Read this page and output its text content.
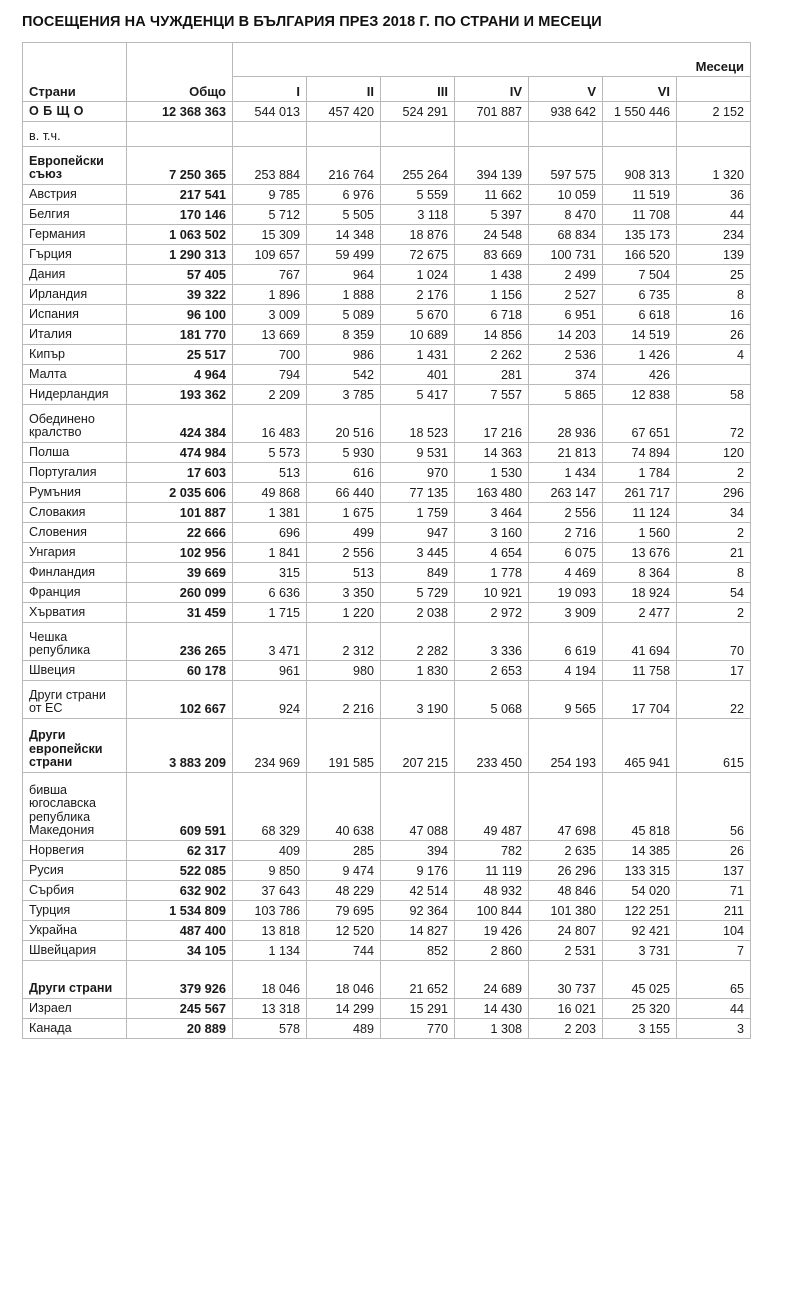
ПОСЕЩЕНИЯ НА ЧУЖДЕНЦИ В БЪЛГАРИЯ ПРЕЗ 2018 Г. ПО СТРАНИ И МЕСЕЦИ
Страни	Общо	Месеци						
		I	II	III	IV	V	VI	
О Б Щ О	12 368 363	544 013	457 420	524 291	701 887	938 642	1 550 446	2 152
в. т.ч.								
Европейски съюз	7 250 365	253 884	216 764	255 264	394 139	597 575	908 313	1 320
Австрия	217 541	9 785	6 976	5 559	11 662	10 059	11 519	36
Белгия	170 146	5 712	5 505	3 118	5 397	8 470	11 708	44
Германия	1 063 502	15 309	14 348	18 876	24 548	68 834	135 173	234
Гърция	1 290 313	109 657	59 499	72 675	83 669	100 731	166 520	139
Дания	57 405	767	964	1 024	1 438	2 499	7 504	25
Ирландия	39 322	1 896	1 888	2 176	1 156	2 527	6 735	8
Испания	96 100	3 009	5 089	5 670	6 718	6 951	6 618	16
Италия	181 770	13 669	8 359	10 689	14 856	14 203	14 519	26
Кипър	25 517	700	986	1 431	2 262	2 536	1 426	4
Малта	4 964	794	542	401	281	374	426	
Нидерландия	193 362	2 209	3 785	5 417	7 557	5 865	12 838	58
Обединено кралство	424 384	16 483	20 516	18 523	17 216	28 936	67 651	72
Полша	474 984	5 573	5 930	9 531	14 363	21 813	74 894	120
Португалия	17 603	513	616	970	1 530	1 434	1 784	2
Румъния	2 035 606	49 868	66 440	77 135	163 480	263 147	261 717	296
Словакия	101 887	1 381	1 675	1 759	3 464	2 556	11 124	34
Словения	22 666	696	499	947	3 160	2 716	1 560	2
Унгария	102 956	1 841	2 556	3 445	4 654	6 075	13 676	21
Финландия	39 669	315	513	849	1 778	4 469	8 364	8
Франция	260 099	6 636	3 350	5 729	10 921	19 093	18 924	54
Хърватия	31 459	1 715	1 220	2 038	2 972	3 909	2 477	2
Чешка република	236 265	3 471	2 312	2 282	3 336	6 619	41 694	70
Швеция	60 178	961	980	1 830	2 653	4 194	11 758	17
Други страни от ЕС	102 667	924	2 216	3 190	5 068	9 565	17 704	22
Други европейски страни	3 883 209	234 969	191 585	207 215	233 450	254 193	465 941	615
бивша югославска република Македония	609 591	68 329	40 638	47 088	49 487	47 698	45 818	56
Норвегия	62 317	409	285	394	782	2 635	14 385	26
Русия	522 085	9 850	9 474	9 176	11 119	26 296	133 315	137
Сърбия	632 902	37 643	48 229	42 514	48 932	48 846	54 020	71
Турция	1 534 809	103 786	79 695	92 364	100 844	101 380	122 251	211
Украйна	487 400	13 818	12 520	14 827	19 426	24 807	92 421	104
Швейцария	34 105	1 134	744	852	2 860	2 531	3 731	7
Други страни	379 926	18 046	18 046	21 652	24 689	30 737	45 025	65
Израел	245 567	13 318	14 299	15 291	14 430	16 021	25 320	44
Канада	20 889	578	489	770	1 308	2 203	3 155	3
